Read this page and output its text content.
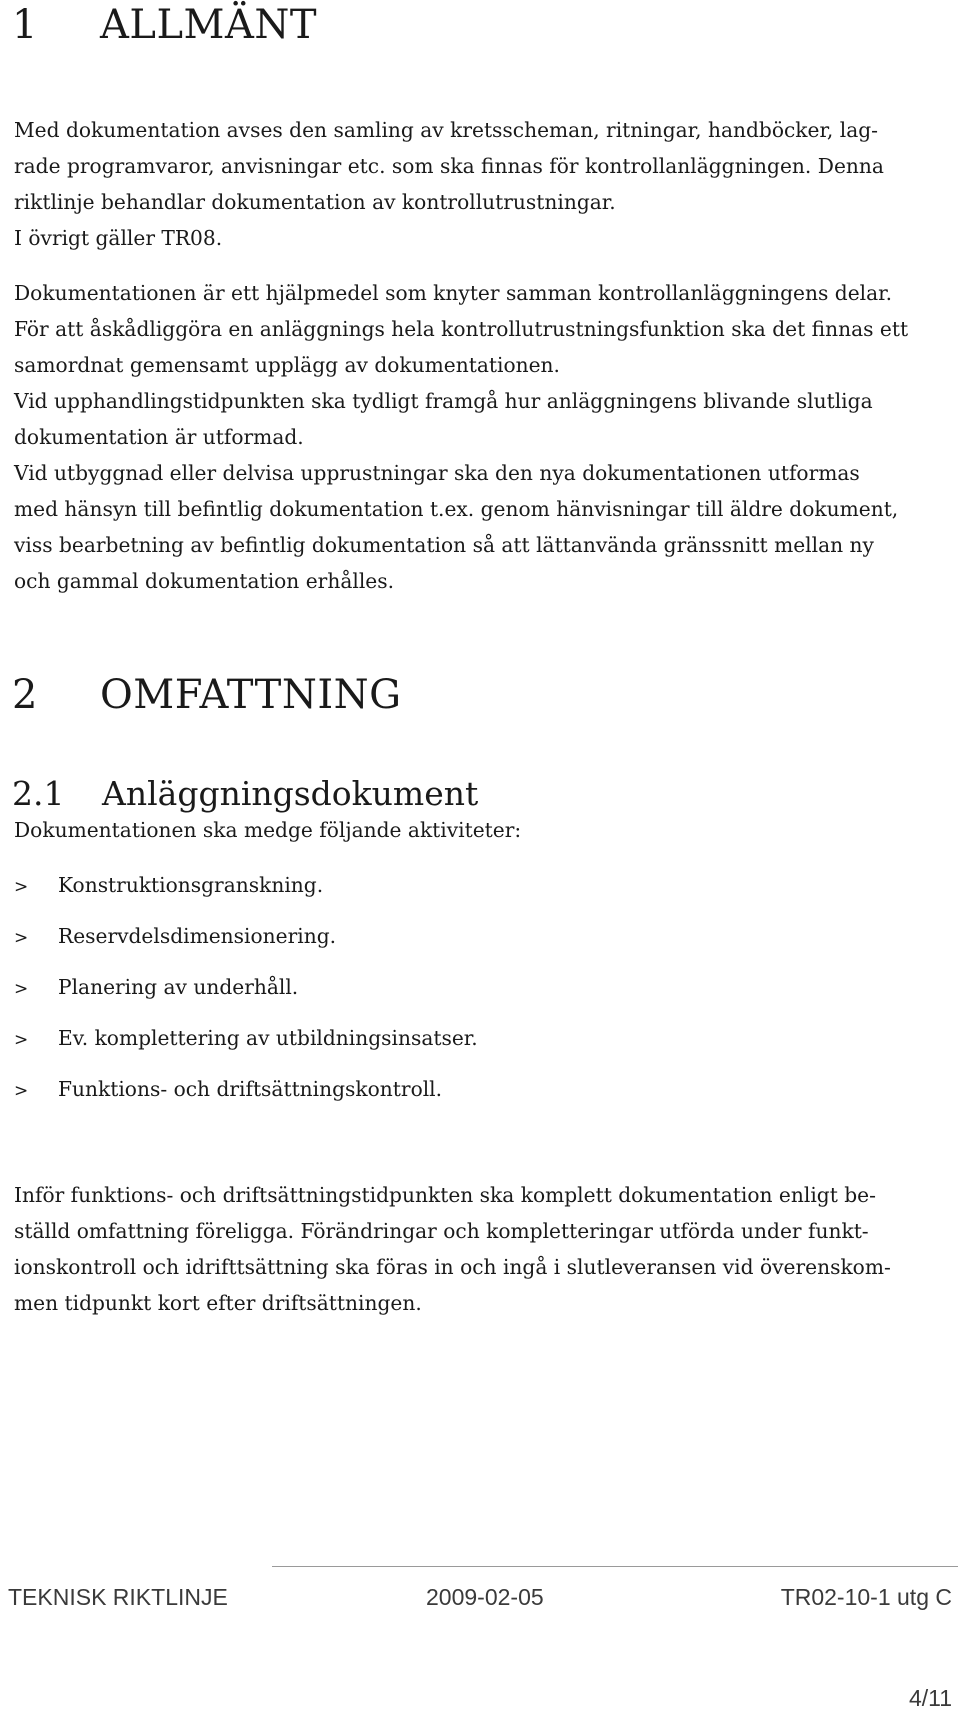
1 ALLMÄNT

Med dokumentation avses den samling av kretsscheman, ritningar, handböcker, lag-
rade programvaror, anvisningar etc. som ska finnas för kontrollanläggningen. Denna
riktlinje behandlar dokumentation av kontrollutrustningar.
I övrigt gäller TR08.

Dokumentationen är ett hjälpmedel som knyter samman kontrollanläggningens delar.
För att åskådliggöra en anläggnings hela kontrollutrustningsfunktion ska det finnas ett
samordnat gemensamt upplägg av dokumentationen.
Vid upphandlingstidpunkten ska tydligt framgå hur anläggningens blivande slutliga
dokumentation är utformad.
Vid utbyggnad eller delvisa upprustningar ska den nya dokumentationen utformas
med hänsyn till befintlig dokumentation t.ex. genom hänvisningar till äldre dokument,
viss bearbetning av befintlig dokumentation så att lättanvända gränssnitt mellan ny
och gammal dokumentation erhålles.

2 OMFATTNING
2.1 Anläggningsdokument

Dokumentationen ska medge följande aktiviteter:

> Konstruktionsgranskning.
> Reservdelsdimensionering.
> Planering av underhåll.
> Ev. komplettering av utbildningsinsatser.
> Funktions- och driftsättningskontroll.

Inför funktions- och driftsättningstidpunkten ska komplett dokumentation enligt be-
ställd omfattning föreligga. Förändringar och kompletteringar utförda under funkt-
ionskontroll och idrifttsättning ska föras in och ingå i slutleveransen vid överenskom-
men tidpunkt kort efter driftsättningen.

TEKNISK RIKTLINJE	2009-02-05	TR02-10-1 utg C
4/11
